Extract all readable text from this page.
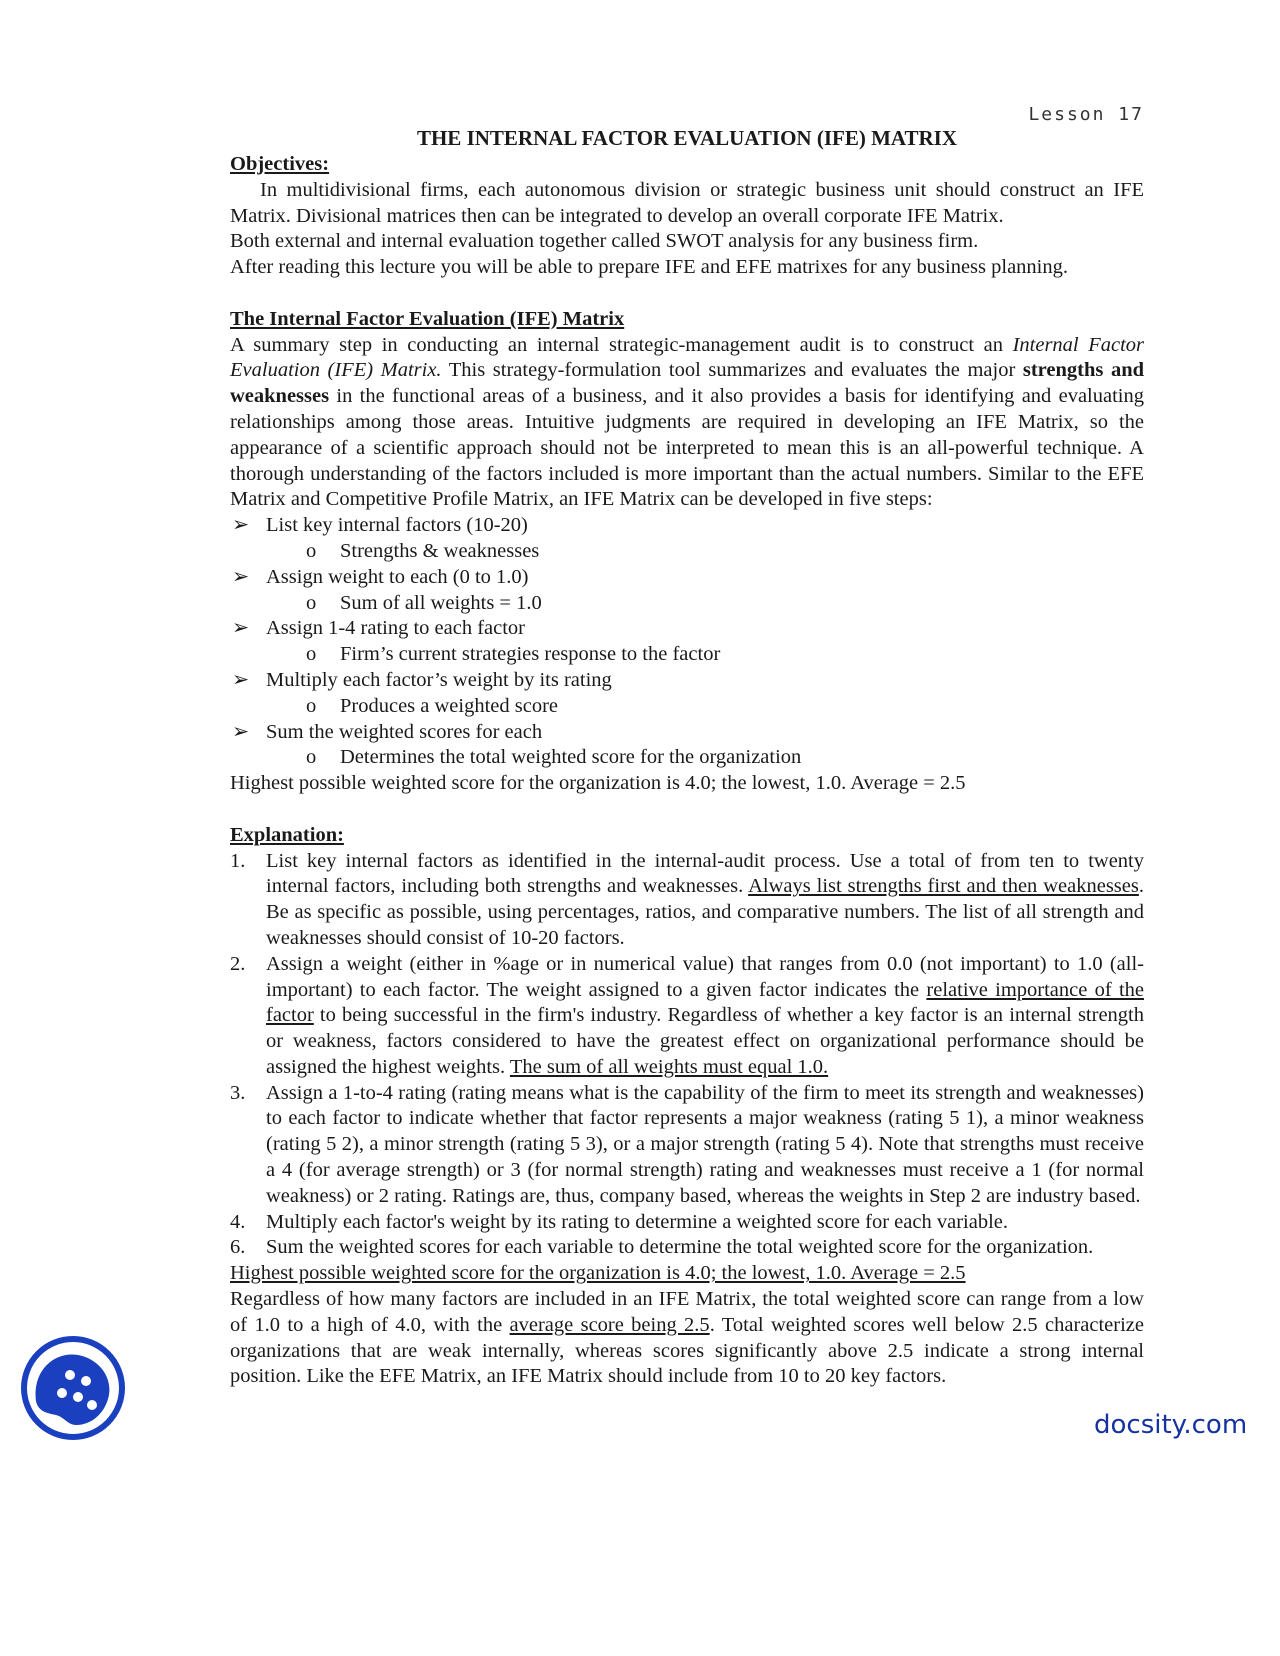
Lesson 17
THE INTERNAL FACTOR EVALUATION (IFE) MATRIX

Objectives:

In multidivisional firms, each autonomous division or strategic business unit should construct an IFE Matrix. Divisional matrices then can be integrated to develop an overall corporate IFE Matrix.

Both external and internal evaluation together called SWOT analysis for any business firm.

After reading this lecture you will be able to prepare IFE and EFE matrixes for any business planning.

The Internal Factor Evaluation (IFE) Matrix

A summary step in conducting an internal strategic-management audit is to construct an Internal Factor Evaluation (IFE) Matrix. This strategy-formulation tool summarizes and evaluates the major strengths and weaknesses in the functional areas of a business, and it also provides a basis for identifying and evaluating relationships among those areas. Intuitive judgments are required in developing an IFE Matrix, so the appearance of a scientific approach should not be interpreted to mean this is an all-powerful technique. A thorough understanding of the factors included is more important than the actual numbers. Similar to the EFE Matrix and Competitive Profile Matrix, an IFE Matrix can be developed in five steps:

➢ List key internal factors (10-20)
o Strengths & weaknesses
➢ Assign weight to each (0 to 1.0)
o Sum of all weights = 1.0
➢ Assign 1-4 rating to each factor
o Firm’s current strategies response to the factor
➢ Multiply each factor’s weight by its rating
o Produces a weighted score
➢ Sum the weighted scores for each
o Determines the total weighted score for the organization

Highest possible weighted score for the organization is 4.0; the lowest, 1.0. Average = 2.5

Explanation:

1. List key internal factors as identified in the internal-audit process. Use a total of from ten to twenty internal factors, including both strengths and weaknesses. Always list strengths first and then weaknesses. Be as specific as possible, using percentages, ratios, and comparative numbers. The list of all strength and weaknesses should consist of 10-20 factors.
2. Assign a weight (either in %age or in numerical value) that ranges from 0.0 (not important) to 1.0 (all-important) to each factor. The weight assigned to a given factor indicates the relative importance of the factor to being successful in the firm's industry. Regardless of whether a key factor is an internal strength or weakness, factors considered to have the greatest effect on organizational performance should be assigned the highest weights. The sum of all weights must equal 1.0.
3. Assign a 1-to-4 rating (rating means what is the capability of the firm to meet its strength and weaknesses) to each factor to indicate whether that factor represents a major weakness (rating 5 1), a minor weakness (rating 5 2), a minor strength (rating 5 3), or a major strength (rating 5 4). Note that strengths must receive a 4 (for average strength) or 3 (for normal strength) rating and weaknesses must receive a 1 (for normal weakness) or 2 rating. Ratings are, thus, company based, whereas the weights in Step 2 are industry based.
4. Multiply each factor's weight by its rating to determine a weighted score for each variable.
6. Sum the weighted scores for each variable to determine the total weighted score for the organization.

Highest possible weighted score for the organization is 4.0; the lowest, 1.0. Average = 2.5

Regardless of how many factors are included in an IFE Matrix, the total weighted score can range from a low of 1.0 to a high of 4.0, with the average score being 2.5. Total weighted scores well below 2.5 characterize organizations that are weak internally, whereas scores significantly above 2.5 indicate a strong internal position. Like the EFE Matrix, an IFE Matrix should include from 10 to 20 key factors.

docsity.com
